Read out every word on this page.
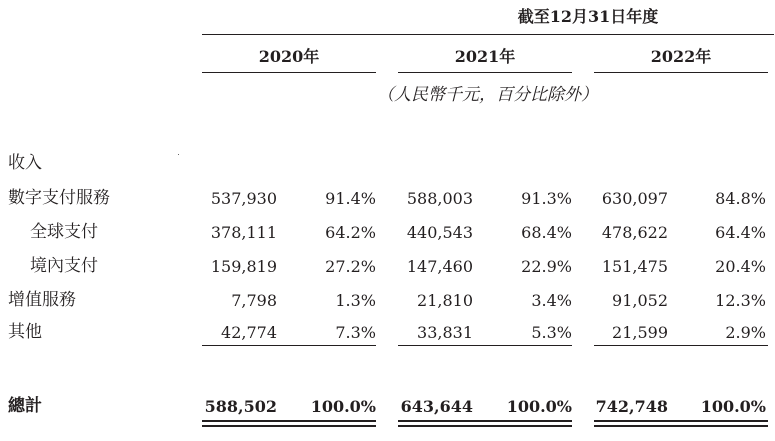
截至12月31日年度
2020年	2021年	2022年
（人民幣千元，百分比除外）
收入
數字支付服務	537,930	91.4%	588,003	91.3%	630,097	84.8%
全球支付	378,111	64.2%	440,543	68.4%	478,622	64.4%
境內支付	159,819	27.2%	147,460	22.9%	151,475	20.4%
增值服務	7,798	1.3%	21,810	3.4%	91,052	12.3%
其他	42,774	7.3%	33,831	5.3%	21,599	2.9%
總計	588,502	100.0%	643,644	100.0%	742,748	100.0%
